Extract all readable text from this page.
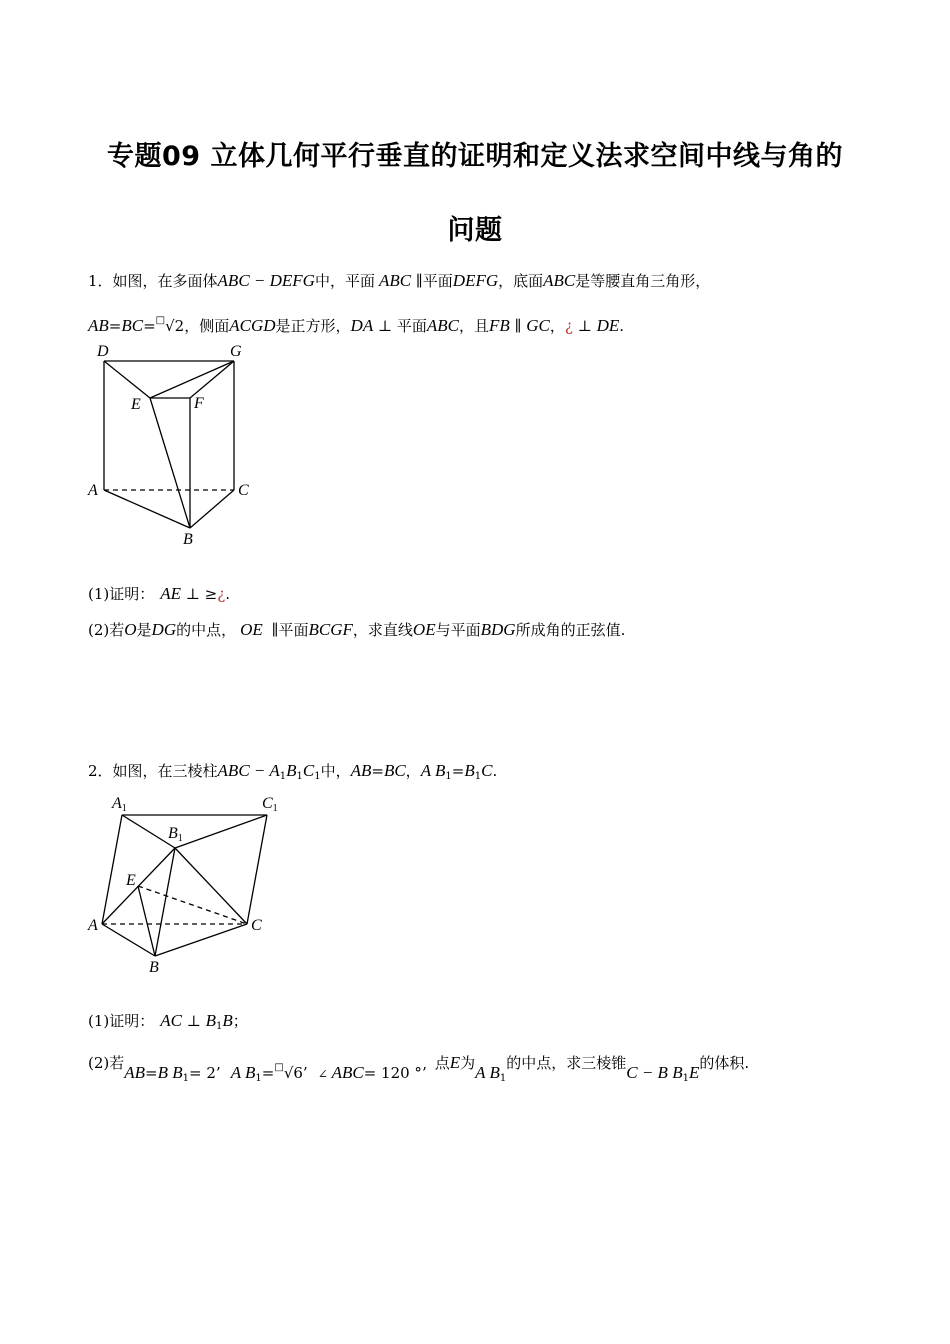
专题09 立体几何平行垂直的证明和定义法求空间中线与角的
问题
1．如图，在多面体ABC − DEFG中，平面 ABC ∥平面DEFG，底面ABC是等腰直角三角形，
AB=BC=□√2，侧面ACGD是正方形，DA ⊥ 平面ABC，且FB ∥ GC，¿ ⊥ DE.
D	G
E	F
A	C
B
(1)证明： AE ⊥ ≥¿.
(2)若O是DG的中点， OE ∥平面BCGF，求直线OE与平面BDG所成角的正弦值.
2．如图，在三棱柱ABC − $A_1B_1C_1$中，AB=BC，A $B_1=B_1C$.
A1	C1
B1
E
A	C
B
(1)证明： AC ⊥ $B_1B$；
(2)若AB=B $B_1= 2$’ A $B_1=^□√6$’ ∠ ABC= 120 °’点E为A $B_1$的中点，求三棱锥C − B $B_1E$的体积.
